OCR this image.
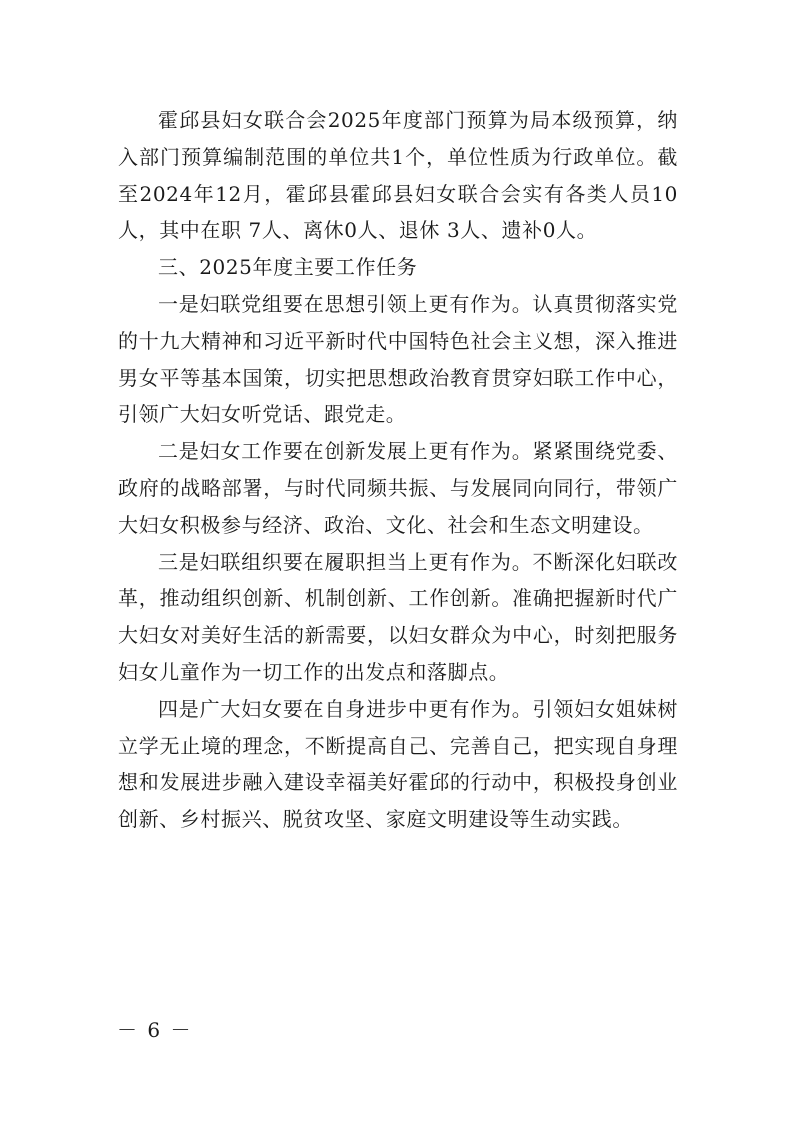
霍邱县妇女联合会2025年度部门预算为局本级预算，纳入部门预算编制范围的单位共1个，单位性质为行政单位。截至2024年12月，霍邱县霍邱县妇女联合会实有各类人员10人，其中在职 7人、离休0人、退休 3人、遗补0人。

三、2025年度主要工作任务

一是妇联党组要在思想引领上更有作为。认真贯彻落实党的十九大精神和习近平新时代中国特色社会主义想，深入推进男女平等基本国策，切实把思想政治教育贯穿妇联工作中心，引领广大妇女听党话、跟党走。

二是妇女工作要在创新发展上更有作为。紧紧围绕党委、政府的战略部署，与时代同频共振、与发展同向同行，带领广大妇女积极参与经济、政治、文化、社会和生态文明建设。

三是妇联组织要在履职担当上更有作为。不断深化妇联改革，推动组织创新、机制创新、工作创新。准确把握新时代广大妇女对美好生活的新需要，以妇女群众为中心，时刻把服务妇女儿童作为一切工作的出发点和落脚点。

四是广大妇女要在自身进步中更有作为。引领妇女姐妹树立学无止境的理念，不断提高自己、完善自己，把实现自身理想和发展进步融入建设幸福美好霍邱的行动中，积极投身创业创新、乡村振兴、脱贫攻坚、家庭文明建设等生动实践。

－ 6 －
